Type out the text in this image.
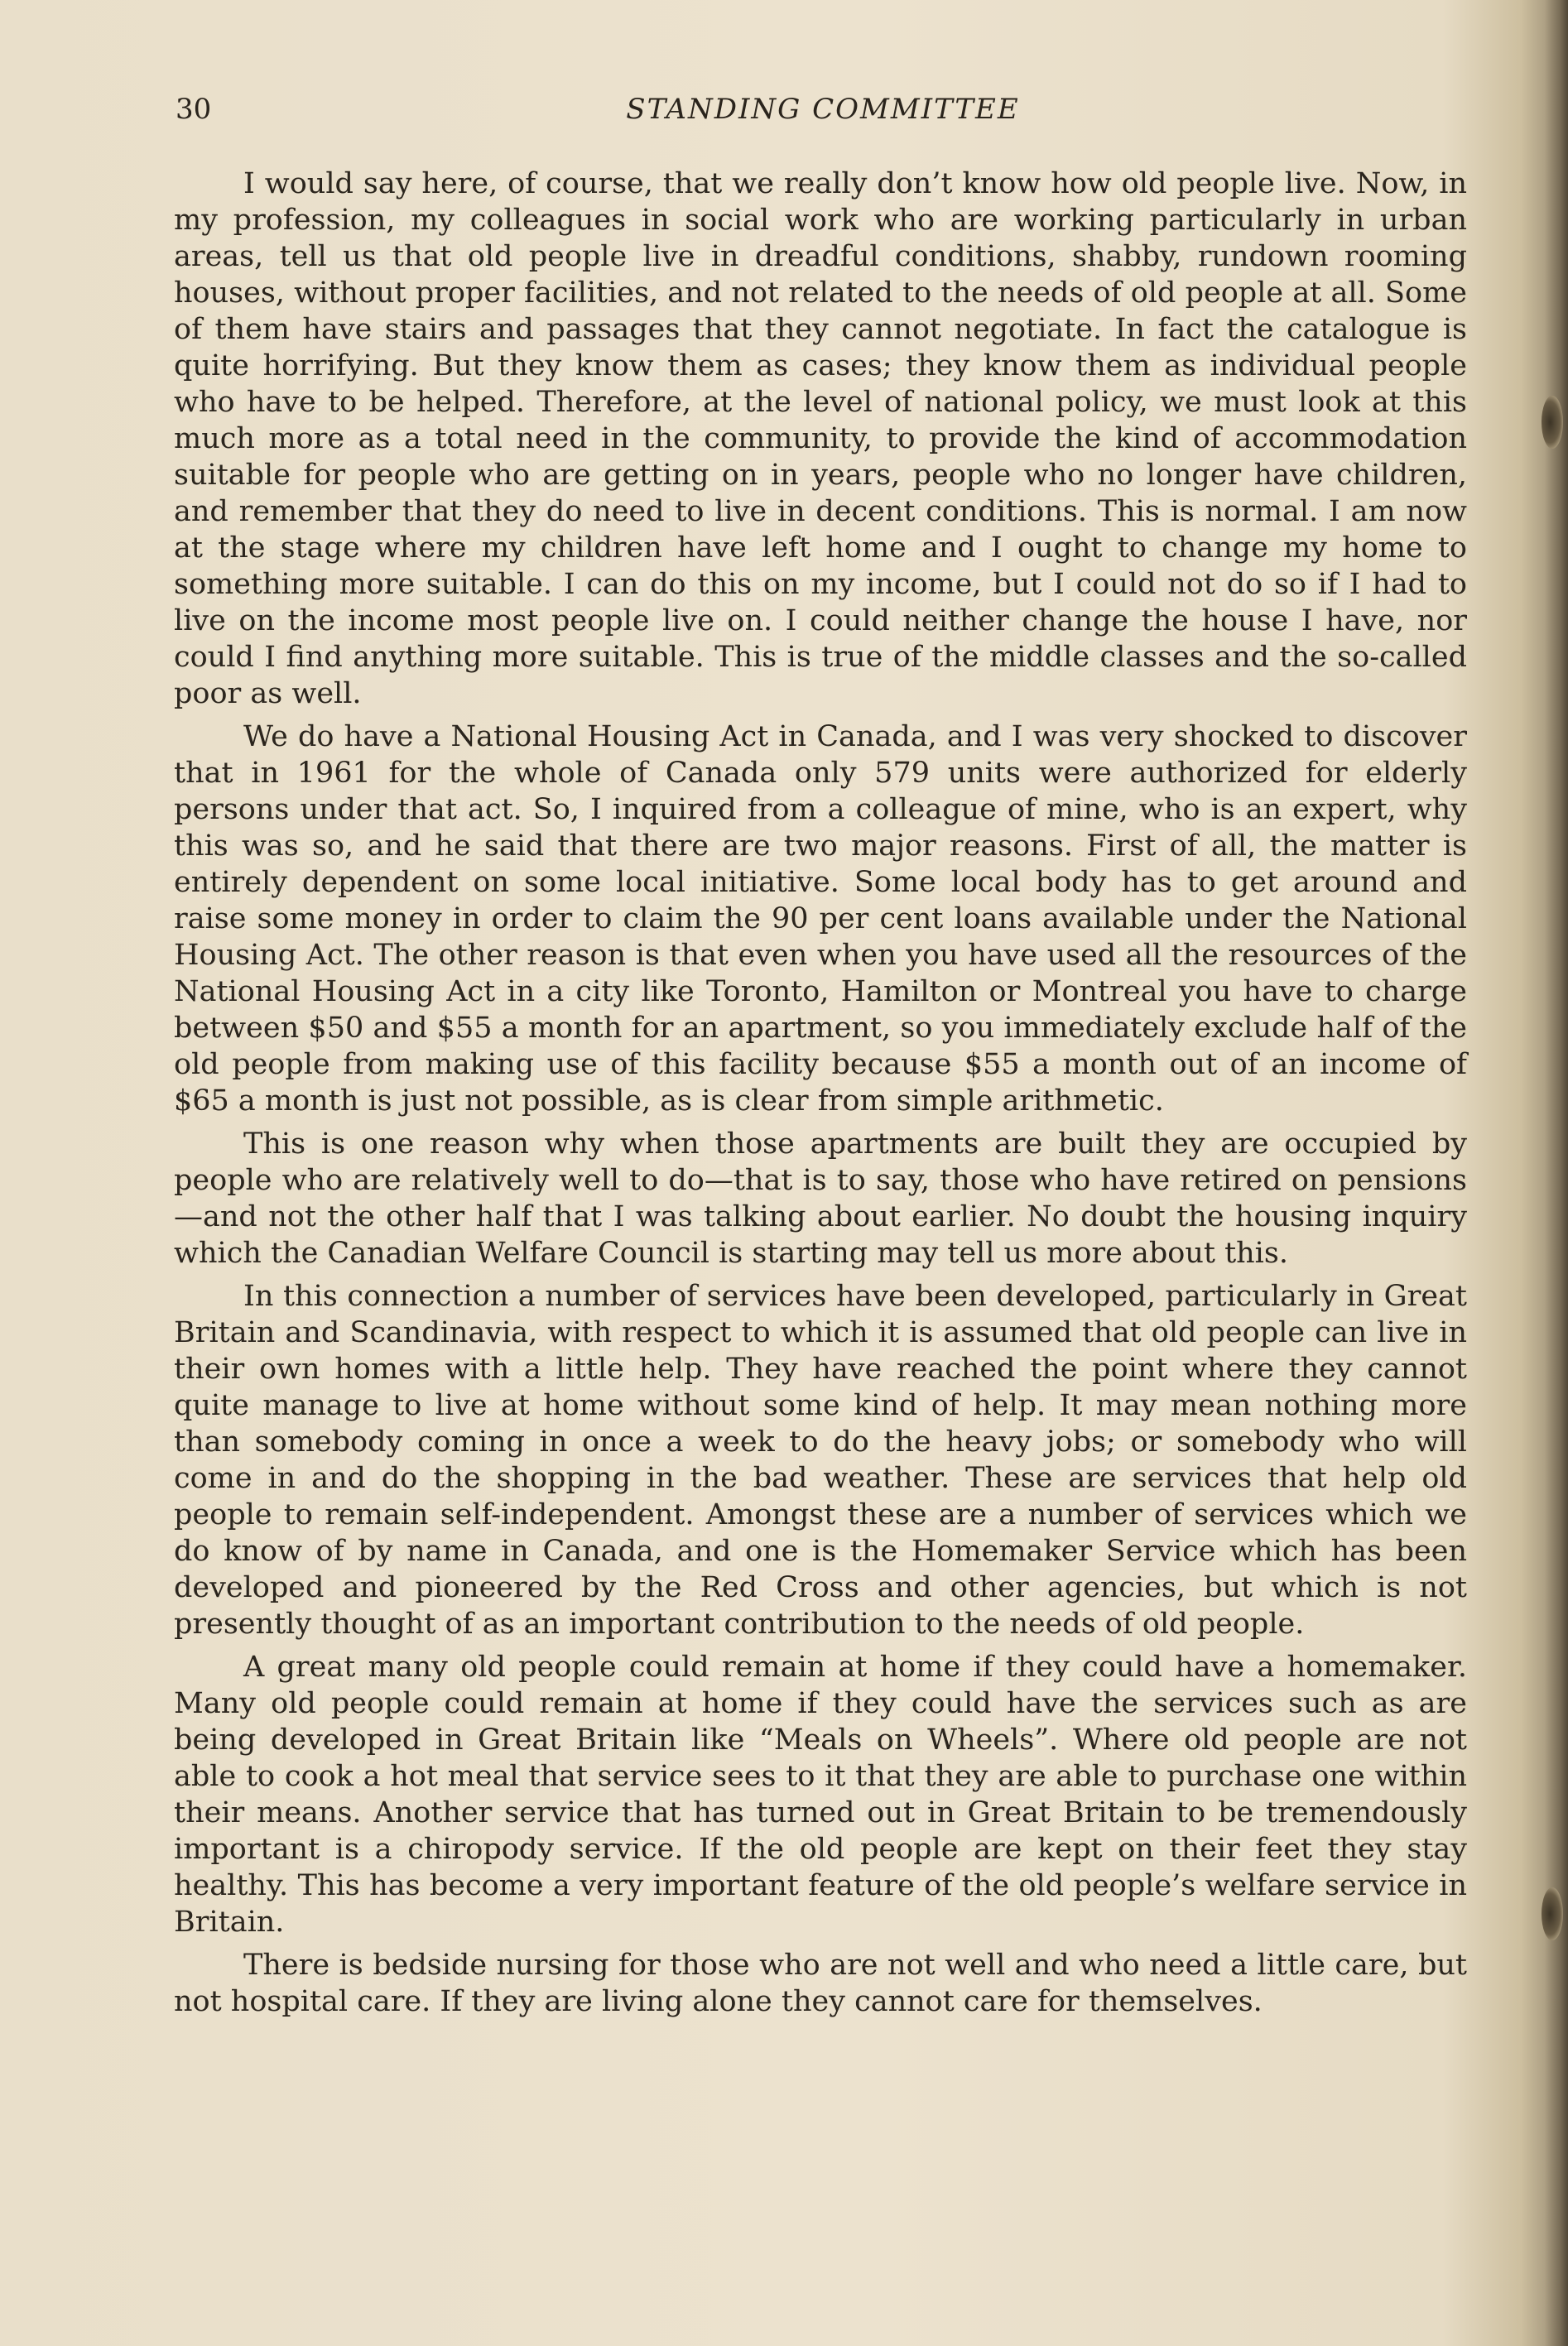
30	STANDING COMMITTEE

I would say here, of course, that we really don’t know how old people live. Now, in my profession, my colleagues in social work who are working particularly in urban areas, tell us that old people live in dreadful conditions, shabby, rundown rooming houses, without proper facilities, and not related to the needs of old people at all. Some of them have stairs and passages that they cannot negotiate. In fact the catalogue is quite horrifying. But they know them as cases; they know them as individual people who have to be helped. Therefore, at the level of national policy, we must look at this much more as a total need in the community, to provide the kind of accommodation suitable for people who are getting on in years, people who no longer have children, and remember that they do need to live in decent conditions. This is normal. I am now at the stage where my children have left home and I ought to change my home to something more suitable. I can do this on my income, but I could not do so if I had to live on the income most people live on. I could neither change the house I have, nor could I find anything more suitable. This is true of the middle classes and the so-called poor as well.

We do have a National Housing Act in Canada, and I was very shocked to discover that in 1961 for the whole of Canada only 579 units were authorized for elderly persons under that act. So, I inquired from a colleague of mine, who is an expert, why this was so, and he said that there are two major reasons. First of all, the matter is entirely dependent on some local initiative. Some local body has to get around and raise some money in order to claim the 90 per cent loans available under the National Housing Act. The other reason is that even when you have used all the resources of the National Housing Act in a city like Toronto, Hamilton or Montreal you have to charge between $50 and $55 a month for an apartment, so you immediately exclude half of the old people from making use of this facility because $55 a month out of an income of $65 a month is just not possible, as is clear from simple arithmetic.

This is one reason why when those apartments are built they are occupied by people who are relatively well to do—that is to say, those who have retired on pensions—and not the other half that I was talking about earlier. No doubt the housing inquiry which the Canadian Welfare Council is starting may tell us more about this.

In this connection a number of services have been developed, particularly in Great Britain and Scandinavia, with respect to which it is assumed that old people can live in their own homes with a little help. They have reached the point where they cannot quite manage to live at home without some kind of help. It may mean nothing more than somebody coming in once a week to do the heavy jobs; or somebody who will come in and do the shopping in the bad weather. These are services that help old people to remain self-independent. Amongst these are a number of services which we do know of by name in Canada, and one is the Homemaker Service which has been developed and pioneered by the Red Cross and other agencies, but which is not presently thought of as an important contribution to the needs of old people.

A great many old people could remain at home if they could have a homemaker. Many old people could remain at home if they could have the services such as are being developed in Great Britain like “Meals on Wheels”. Where old people are not able to cook a hot meal that service sees to it that they are able to purchase one within their means. Another service that has turned out in Great Britain to be tremendously important is a chiropody service. If the old people are kept on their feet they stay healthy. This has become a very important feature of the old people’s welfare service in Britain.

There is bedside nursing for those who are not well and who need a little care, but not hospital care. If they are living alone they cannot care for themselves.
